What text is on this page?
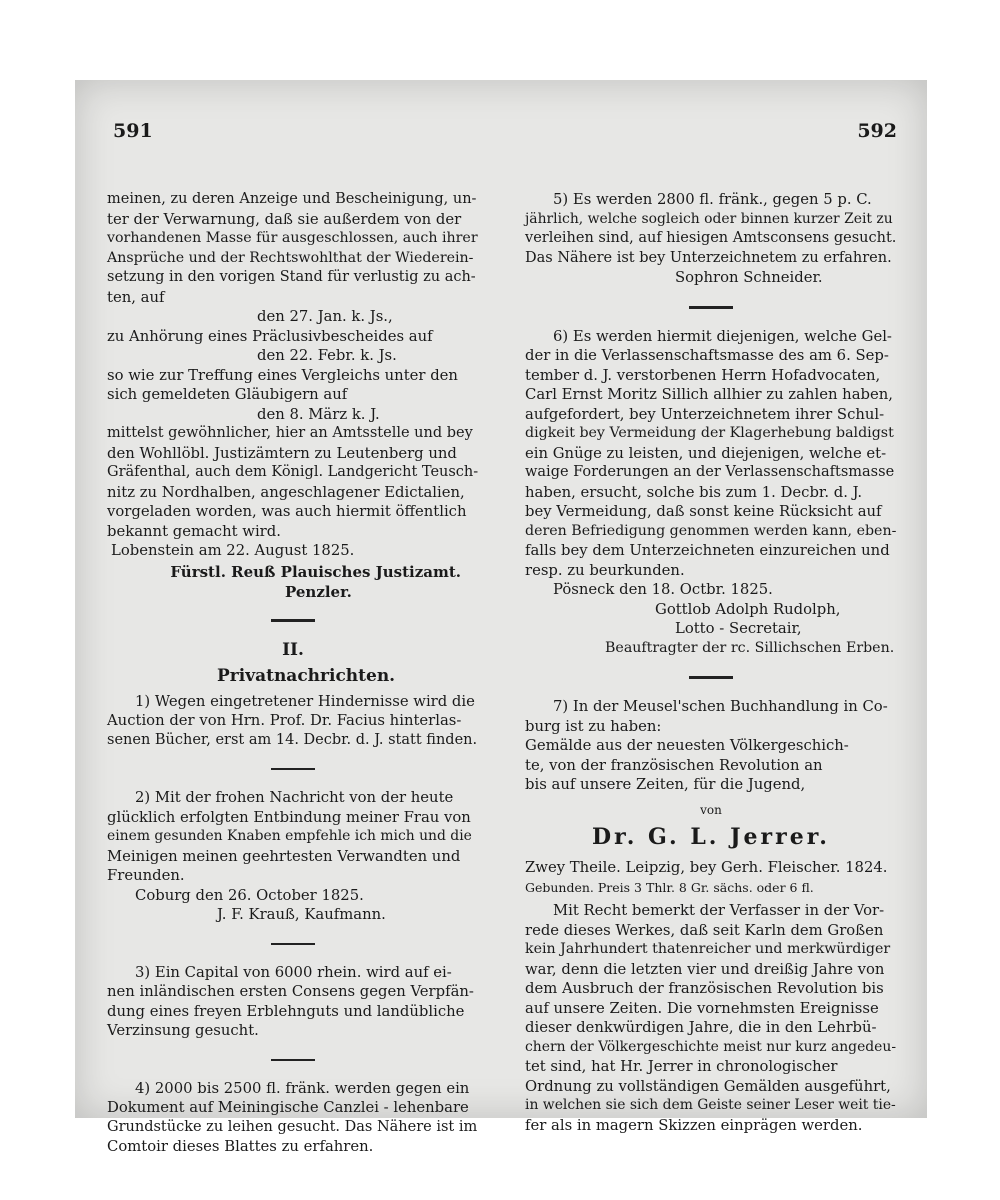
591	592

meinen, zu deren Anzeige und Bescheinigung, un-
ter der Verwarnung, daß sie außerdem von der
vorhandenen Masse für ausgeschlossen, auch ihrer
Ansprüche und der Rechtswohlthat der Wiederein-
setzung in den vorigen Stand für verlustig zu ach-
ten, auf
den 27. Jan. k. Js.,
zu Anhörung eines Präclusivbescheides auf
den 22. Febr. k. Js.
so wie zur Treffung eines Vergleichs unter den
sich gemeldeten Gläubigern auf
den 8. März k. J.
mittelst gewöhnlicher, hier an Amtsstelle und bey
den Wohllöbl. Justizämtern zu Leutenberg und
Gräfenthal, auch dem Königl. Landgericht Teusch-
nitz zu Nordhalben, angeschlagener Edictalien,
vorgeladen worden, was auch hiermit öffentlich
bekannt gemacht wird.
Lobenstein am 22. August 1825.

Fürstl. Reuß Plauisches Justizamt.
Penzler.
II.
Privatnachrichten.

1) Wegen eingetretener Hindernisse wird die
Auction der von Hrn. Prof. Dr. Facius hinterlas-
senen Bücher, erst am 14. Decbr. d. J. statt finden.

2) Mit der frohen Nachricht von der heute
glücklich erfolgten Entbindung meiner Frau von
einem gesunden Knaben empfehle ich mich und die
Meinigen meinen geehrtesten Verwandten und
Freunden.
Coburg den 26. October 1825.
J. F. Krauß, Kaufmann.

3) Ein Capital von 6000 rhein. wird auf ei-
nen inländischen ersten Consens gegen Verpfän-
dung eines freyen Erblehnguts und landübliche
Verzinsung gesucht.

4) 2000 bis 2500 fl. fränk. werden gegen ein
Dokument auf Meiningische Canzlei - lehenbare
Grundstücke zu leihen gesucht. Das Nähere ist im
Comtoir dieses Blattes zu erfahren.

5) Es werden 2800 fl. fränk., gegen 5 p. C.
jährlich, welche sogleich oder binnen kurzer Zeit zu
verleihen sind, auf hiesigen Amtsconsens gesucht.
Das Nähere ist bey Unterzeichnetem zu erfahren.
Sophron Schneider.

6) Es werden hiermit diejenigen, welche Gel-
der in die Verlassenschaftsmasse des am 6. Sep-
tember d. J. verstorbenen Herrn Hofadvocaten,
Carl Ernst Moritz Sillich allhier zu zahlen haben,
aufgefordert, bey Unterzeichnetem ihrer Schul-
digkeit bey Vermeidung der Klagerhebung baldigst
ein Gnüge zu leisten, und diejenigen, welche et-
waige Forderungen an der Verlassenschaftsmasse
haben, ersucht, solche bis zum 1. Decbr. d. J.
bey Vermeidung, daß sonst keine Rücksicht auf
deren Befriedigung genommen werden kann, eben-
falls bey dem Unterzeichneten einzureichen und
resp. zu beurkunden.
Pösneck den 18. Octbr. 1825.
Gottlob Adolph Rudolph,
Lotto - Secretair,
Beauftragter der rc. Sillichschen Erben.

7) In der Meusel'schen Buchhandlung in Co-
burg ist zu haben:

Gemälde aus der neuesten Völkergeschich-
te, von der französischen Revolution an
bis auf unsere Zeiten, für die Jugend,

von

Dr. G. L. Jerrer.

Zwey Theile. Leipzig, bey Gerh. Fleischer. 1824.
Gebunden. Preis 3 Thlr. 8 Gr. sächs. oder 6 fl.

Mit Recht bemerkt der Verfasser in der Vor-
rede dieses Werkes, daß seit Karln dem Großen
kein Jahrhundert thatenreicher und merkwürdiger
war, denn die letzten vier und dreißig Jahre von
dem Ausbruch der französischen Revolution bis
auf unsere Zeiten. Die vornehmsten Ereignisse
dieser denkwürdigen Jahre, die in den Lehrbü-
chern der Völkergeschichte meist nur kurz angedeu-
tet sind, hat Hr. Jerrer in chronologischer
Ordnung zu vollständigen Gemälden ausgeführt,
in welchen sie sich dem Geiste seiner Leser weit tie-
fer als in magern Skizzen einprägen werden.
